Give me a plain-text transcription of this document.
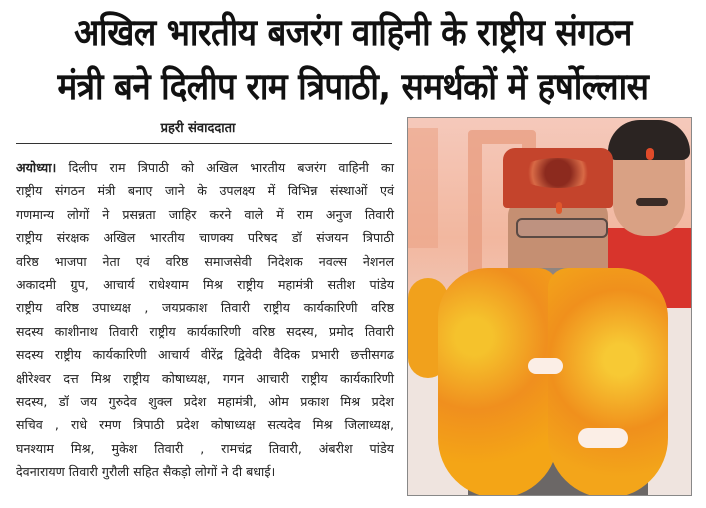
अखिल भारतीय बजरंग वाहिनी के राष्ट्रीय संगठन
मंत्री बने दिलीप राम त्रिपाठी, समर्थकों में हर्षोल्लास
प्रहरी संवाददाता
अयोध्या। दिलीप राम त्रिपाठी को अखिल भारतीय बजरंग वाहिनी का
राष्ट्रीय संगठन मंत्री बनाए जाने के उपलक्ष्य में विभिन्न संस्थाओं एवं
गणमान्य लोगों ने प्रसन्नता जाहिर करने वाले में राम अनुज तिवारी
राष्ट्रीय संरक्षक अखिल भारतीय चाणक्य परिषद डॉ संजयन त्रिपाठी
वरिष्ठ भाजपा नेता एवं वरिष्ठ समाजसेवी निदेशक नवल्स नेशनल
अकादमी ग्रुप, आचार्य राधेश्याम मिश्र राष्ट्रीय महामंत्री सतीश पांडेय
राष्ट्रीय वरिष्ठ उपाध्यक्ष , जयप्रकाश तिवारी राष्ट्रीय कार्यकारिणी वरिष्ठ
सदस्य काशीनाथ तिवारी राष्ट्रीय कार्यकारिणी वरिष्ठ सदस्य, प्रमोद तिवारी
सदस्य राष्ट्रीय कार्यकारिणी आचार्य वीरेंद्र द्विवेदी वैदिक प्रभारी छत्तीसगढ
क्षीरेश्वर दत्त मिश्र राष्ट्रीय कोषाध्यक्ष, गगन आचारी राष्ट्रीय कार्यकारिणी
सदस्य, डॉ जय गुरुदेव शुक्ल प्रदेश महामंत्री, ओम प्रकाश मिश्र प्रदेश
सचिव , राधे रमण त्रिपाठी प्रदेश कोषाध्यक्ष सत्यदेव मिश्र जिलाध्यक्ष,
घनश्याम मिश्र, मुकेश तिवारी , रामचंद्र तिवारी, अंबरीश पांडेय
देवनारायण तिवारी गुरौली सहित सैकड़ो लोगों ने दी बधाई।
